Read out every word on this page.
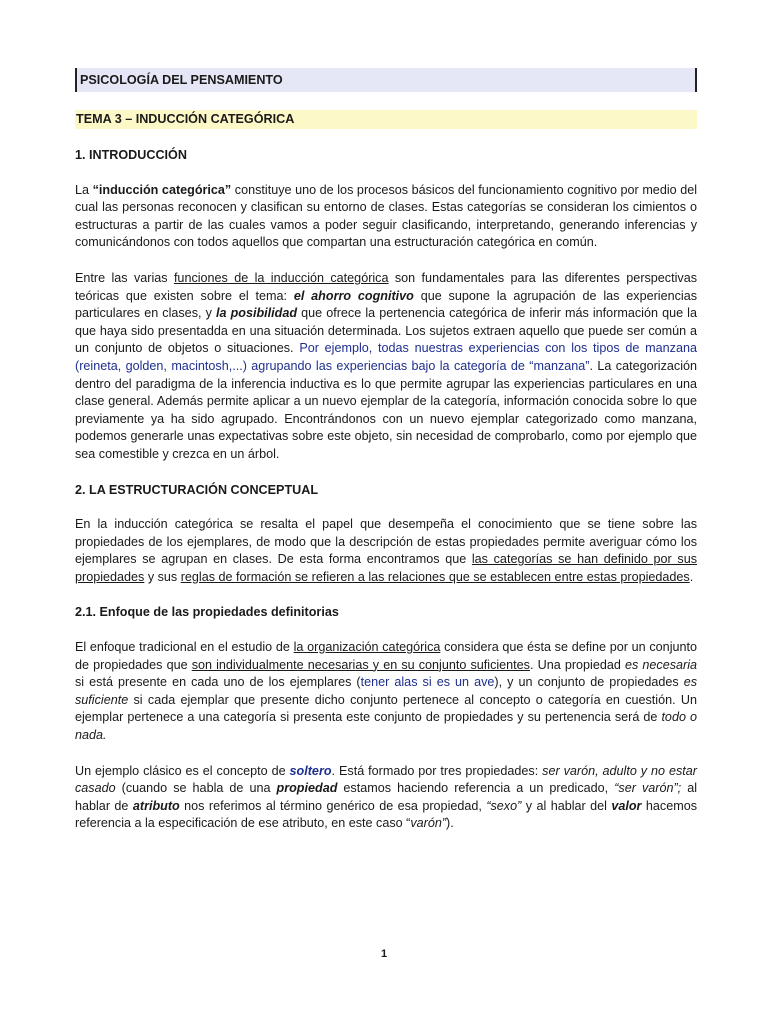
PSICOLOGÍA DEL PENSAMIENTO
TEMA 3 – INDUCCIÓN CATEGÓRICA

1. INTRODUCCIÓN

La “inducción categórica” constituye uno de los procesos básicos del funcionamiento cognitivo por medio del cual las personas reconocen y clasifican su entorno de clases. Estas categorías se consideran los cimientos o estructuras a partir de las cuales vamos a poder seguir clasificando, interpretando, generando inferencias y comunicándonos con todos aquellos que compartan una estructuración categórica en común.

Entre las varias funciones de la inducción categórica son fundamentales para las diferentes perspectivas teóricas que existen sobre el tema: el ahorro cognitivo que supone la agrupación de las experiencias particulares en clases, y la posibilidad que ofrece la pertenencia categórica de inferir más información que la que haya sido presentadda en una situación determinada. Los sujetos extraen aquello que puede ser común a un conjunto de objetos o situaciones. Por ejemplo, todas nuestras experiencias con los tipos de manzana (reineta, golden, macintosh,...) agrupando las experiencias bajo la categoría de “manzana”. La categorización dentro del paradigma de la inferencia inductiva es lo que permite agrupar las experiencias particulares en una clase general. Además permite aplicar a un nuevo ejemplar de la categoría, información conocida sobre lo que previamente ya ha sido agrupado. Encontrándonos con un nuevo ejemplar categorizado como manzana, podemos generarle unas expectativas sobre este objeto, sin necesidad de comprobarlo, como por ejemplo que sea comestible y crezca en un árbol.

2. LA ESTRUCTURACIÓN CONCEPTUAL

En la inducción categórica se resalta el papel que desempeña el conocimiento que se tiene sobre las propiedades de los ejemplares, de modo que la descripción de estas propiedades permite averiguar cómo los ejemplares se agrupan en clases. De esta forma encontramos que las categorías se han definido por sus propiedades y sus reglas de formación se refieren a las relaciones que se establecen entre estas propiedades.

2.1. Enfoque de las propiedades definitorias

El enfoque tradicional en el estudio de la organización categórica considera que ésta se define por un conjunto de propiedades que son individualmente necesarias y en su conjunto suficientes. Una propiedad es necesaria si está presente en cada uno de los ejemplares (tener alas si es un ave), y un conjunto de propiedades es suficiente si cada ejemplar que presente dicho conjunto pertenece al concepto o categoría en cuestión. Un ejemplar pertenece a una categoría si presenta este conjunto de propiedades y su pertenencia será de todo o nada.

Un ejemplo clásico es el concepto de soltero. Está formado por tres propiedades: ser varón, adulto y no estar casado (cuando se habla de una propiedad estamos haciendo referencia a un predicado, “ser varón”; al hablar de atributo nos referimos al término genérico de esa propiedad, “sexo” y al hablar del valor hacemos referencia a la especificación de ese atributo, en este caso “varón”).

1
